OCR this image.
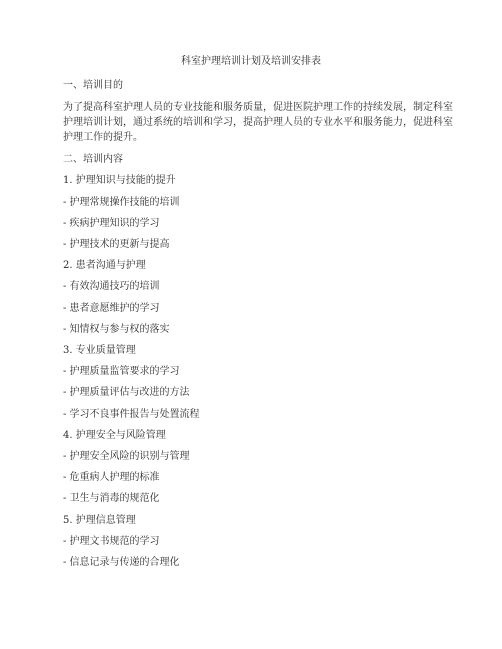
科室护理培训计划及培训安排表
一、培训目的

为了提高科室护理人员的专业技能和服务质量，促进医院护理工作的持续发展，制定科室

护理培训计划，通过系统的培训和学习，提高护理人员的专业水平和服务能力，促进科室

护理工作的提升。

二、培训内容
1. 护理知识与技能的提升
- 护理常规操作技能的培训
- 疾病护理知识的学习
- 护理技术的更新与提高
2. 患者沟通与护理
- 有效沟通技巧的培训
- 患者意愿维护的学习
- 知情权与参与权的落实
3. 专业质量管理
- 护理质量监管要求的学习
- 护理质量评估与改进的方法
- 学习不良事件报告与处置流程
4. 护理安全与风险管理
- 护理安全风险的识别与管理
- 危重病人护理的标准
- 卫生与消毒的规范化
5. 护理信息管理
- 护理文书规范的学习
- 信息记录与传递的合理化
